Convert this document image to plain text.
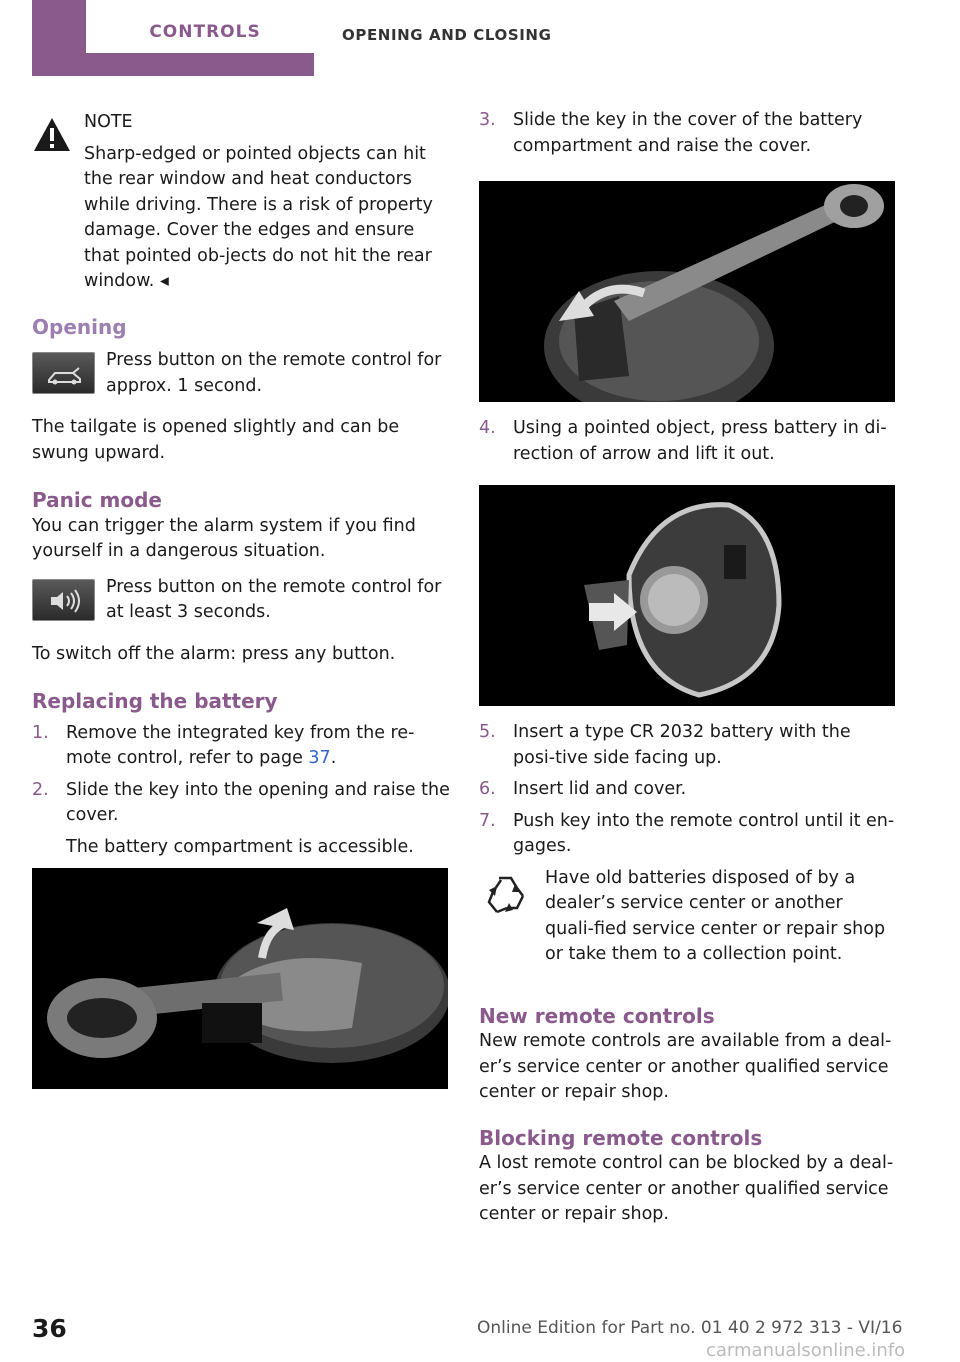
CONTROLS	OPENING AND CLOSING

NOTE

Sharp-edged or pointed objects can hit the rear window and heat conductors while driving. There is a risk of property damage. Cover the edges and ensure that pointed ob-jects do not hit the rear window. ◂

Opening

Press button on the remote control for approx. 1 second.

The tailgate is opened slightly and can be swung upward.

Panic mode

You can trigger the alarm system if you find yourself in a dangerous situation.

Press button on the remote control for at least 3 seconds.

To switch off the alarm: press any button.

Replacing the battery

1. Remove the integrated key from the re-mote control, refer to page 37.
2. Slide the key into the opening and raise the cover.

The battery compartment is accessible.

3. Slide the key in the cover of the battery compartment and raise the cover.
4. Using a pointed object, press battery in di-rection of arrow and lift it out.
5. Insert a type CR 2032 battery with the posi-tive side facing up.
6. Insert lid and cover.
7. Push key into the remote control until it en-gages.

Have old batteries disposed of by a dealer’s service center or another quali-fied service center or repair shop or take them to a collection point.

New remote controls

New remote controls are available from a deal-er’s service center or another qualified service center or repair shop.

Blocking remote controls

A lost remote control can be blocked by a deal-er’s service center or another qualified service center or repair shop.

36	Online Edition for Part no. 01 40 2 972 313 - VI/16
carmanualsonline.info
